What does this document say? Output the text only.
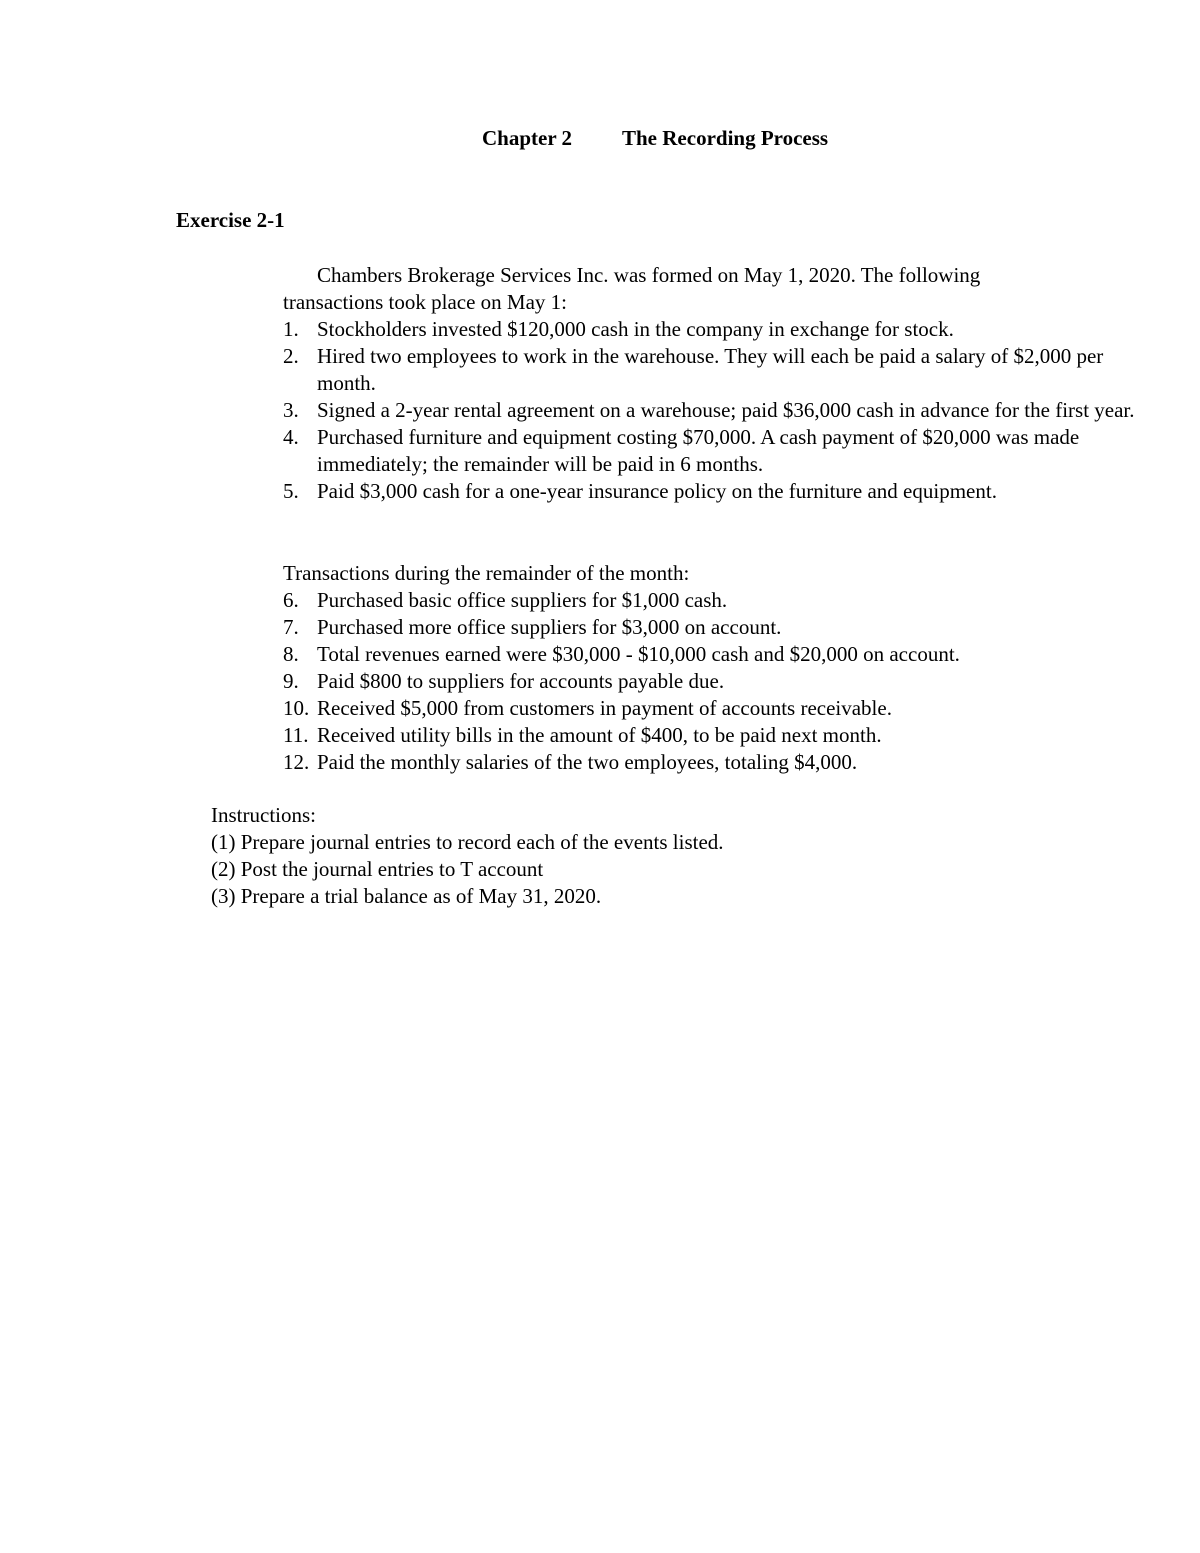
Chapter 2 The Recording Process
Exercise 2-1
Chambers Brokerage Services Inc. was formed on May 1, 2020. The following
transactions took place on May 1:
1. Stockholders invested $120,000 cash in the company in exchange for stock.
2. Hired two employees to work in the warehouse. They will each be paid a salary of $2,000 per month.
3. Signed a 2-year rental agreement on a warehouse; paid $36,000 cash in advance for the first year.
4. Purchased furniture and equipment costing $70,000. A cash payment of $20,000 was made immediately; the remainder will be paid in 6 months.
5. Paid $3,000 cash for a one-year insurance policy on the furniture and equipment.
Transactions during the remainder of the month:
6. Purchased basic office suppliers for $1,000 cash.
7. Purchased more office suppliers for $3,000 on account.
8. Total revenues earned were $30,000 - $10,000 cash and $20,000 on account.
9. Paid $800 to suppliers for accounts payable due.
10. Received $5,000 from customers in payment of accounts receivable.
11. Received utility bills in the amount of $400, to be paid next month.
12. Paid the monthly salaries of the two employees, totaling $4,000.
Instructions:
(1) Prepare journal entries to record each of the events listed.
(2) Post the journal entries to T account
(3) Prepare a trial balance as of May 31, 2020.
